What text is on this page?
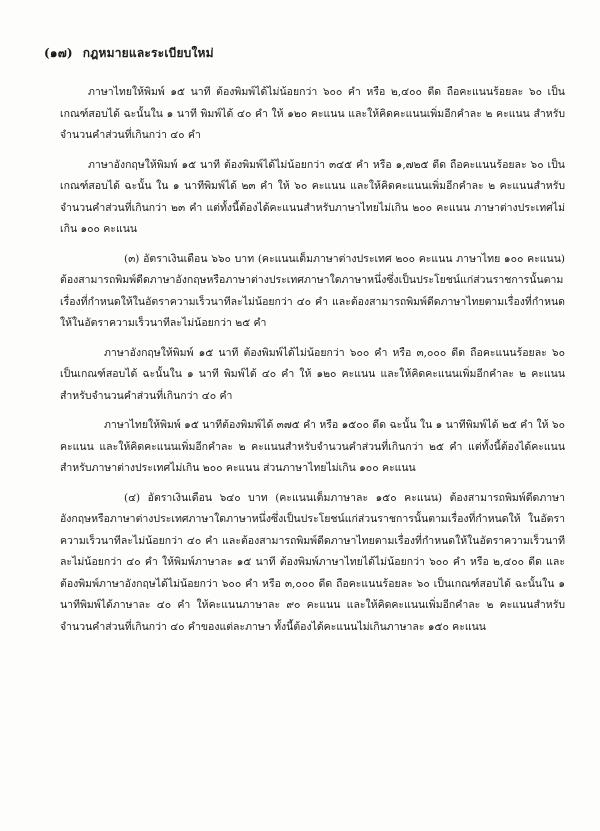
(๑๗) กฎหมายและระเบียบใหม่

ภาษาไทยให้พิมพ์ ๑๕ นาที ต้องพิมพ์ได้ไม่น้อยกว่า ๖๐๐ คำ หรือ ๒,๔๐๐ ดีด ถือคะแนนร้อยละ ๖๐ เป็นเกณฑ์สอบได้ ฉะนั้นใน ๑ นาที พิมพ์ได้ ๔๐ คำ ให้ ๑๒๐ คะแนน และให้คิดคะแนนเพิ่มอีกคำละ ๒ คะแนน สำหรับจำนวนคำส่วนที่เกินกว่า ๔๐ คำ

ภาษาอังกฤษให้พิมพ์ ๑๕ นาที ต้องพิมพ์ได้ไม่น้อยกว่า ๓๔๕ คำ หรือ ๑,๗๒๕ ดีด ถือคะแนนร้อยละ ๖๐ เป็นเกณฑ์สอบได้ ฉะนั้น ใน ๑ นาทีพิมพ์ได้ ๒๓ คำ ให้ ๖๐ คะแนน และให้คิดคะแนนเพิ่มอีกคำละ ๒ คะแนนสำหรับจำนวนคำส่วนที่เกินกว่า ๒๓ คำ แต่ทั้งนี้ต้องได้คะแนนสำหรับภาษาไทยไม่เกิน ๒๐๐ คะแนน ภาษาต่างประเทศไม่เกิน ๑๐๐ คะแนน

(๓) อัตราเงินเดือน ๖๖๐ บาท (คะแนนเต็มภาษาต่างประเทศ ๒๐๐ คะแนน ภาษาไทย ๑๐๐ คะแนน) ต้องสามารถพิมพ์ดีดภาษาอังกฤษหรือภาษาต่างประเทศภาษาใดภาษาหนึ่งซึ่งเป็นประโยชน์แก่ส่วนราชการนั้นตามเรื่องที่กำหนดให้ในอัตราความเร็วนาทีละไม่น้อยกว่า ๔๐ คำ และต้องสามารถพิมพ์ดีดภาษาไทยตามเรื่องที่กำหนดให้ในอัตราความเร็วนาทีละไม่น้อยกว่า ๒๕ คำ

ภาษาอังกฤษให้พิมพ์ ๑๕ นาที ต้องพิมพ์ได้ไม่น้อยกว่า ๖๐๐ คำ หรือ ๓,๐๐๐ ดีด ถือคะแนนร้อยละ ๖๐ เป็นเกณฑ์สอบได้ ฉะนั้นใน ๑ นาที พิมพ์ได้ ๔๐ คำ ให้ ๑๒๐ คะแนน และให้คิดคะแนนเพิ่มอีกคำละ ๒ คะแนนสำหรับจำนวนคำส่วนที่เกินกว่า ๔๐ คำ

ภาษาไทยให้พิมพ์ ๑๕ นาทีต้องพิมพ์ได้ ๓๗๕ คำ หรือ ๑๕๐๐ ดีด ฉะนั้น ใน ๑ นาทีพิมพ์ได้ ๒๕ คำ ให้ ๖๐ คะแนน และให้คิดคะแนนเพิ่มอีกคำละ ๒ คะแนนสำหรับจำนวนคำส่วนที่เกินกว่า ๒๕ คำ แต่ทั้งนี้ต้องได้คะแนนสำหรับภาษาต่างประเทศไม่เกิน ๒๐๐ คะแนน ส่วนภาษาไทยไม่เกิน ๑๐๐ คะแนน

(๔) อัตราเงินเดือน ๖๔๐ บาท (คะแนนเต็มภาษาละ ๑๕๐ คะแนน) ต้องสามารถพิมพ์ดีดภาษาอังกฤษหรือภาษาต่างประเทศภาษาใดภาษาหนึ่งซึ่งเป็นประโยชน์แก่ส่วนราชการนั้นตามเรื่องที่กำหนดให้ ในอัตราความเร็วนาทีละไม่น้อยกว่า ๔๐ คำ และต้องสามารถพิมพ์ดีดภาษาไทยตามเรื่องที่กำหนดให้ในอัตราความเร็วนาทีละไม่น้อยกว่า ๔๐ คำ ให้พิมพ์ภาษาละ ๑๕ นาที ต้องพิมพ์ภาษาไทยได้ไม่น้อยกว่า ๖๐๐ คำ หรือ ๒,๔๐๐ ดีด และต้องพิมพ์ภาษาอังกฤษได้ไม่น้อยกว่า ๖๐๐ คำ หรือ ๓,๐๐๐ ดีด ถือคะแนนร้อยละ ๖๐ เป็นเกณฑ์สอบได้ ฉะนั้นใน ๑ นาทีพิมพ์ได้ภาษาละ ๔๐ คำ ให้คะแนนภาษาละ ๙๐ คะแนน และให้คิดคะแนนเพิ่มอีกคำละ ๒ คะแนนสำหรับจำนวนคำส่วนที่เกินกว่า ๔๐ คำของแต่ละภาษา ทั้งนี้ต้องได้คะแนนไม่เกินภาษาละ ๑๕๐ คะแนน
